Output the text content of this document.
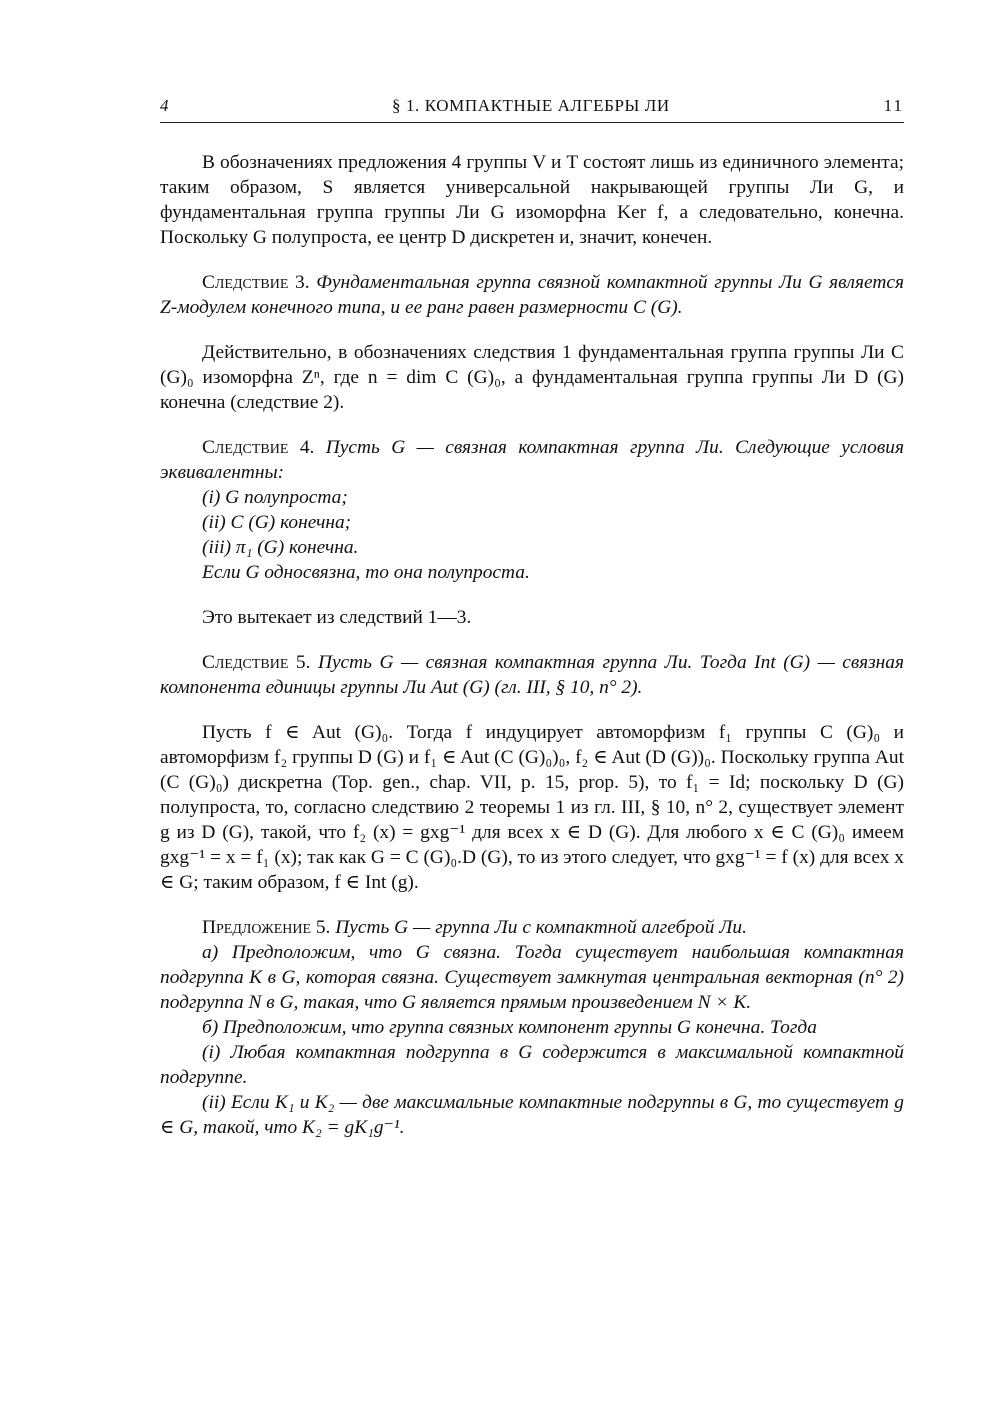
4	§ 1. КОМПАКТНЫЕ АЛГЕБРЫ ЛИ	11

В обозначениях предложения 4 группы V и T состоят лишь из единичного элемента; таким образом, S является универсальной накрывающей группы Ли G, и фундаментальная группа группы Ли G изоморфна Ker f, а следовательно, конечна. Поскольку G полупроста, ее центр D дискретен и, значит, конечен.

Следствие 3. Фундаментальная группа связной компактной группы Ли G является Z-модулем конечного типа, и ее ранг равен размерности C (G).

Действительно, в обозначениях следствия 1 фундаментальная группа группы Ли C (G)₀ изоморфна Zⁿ, где n = dim C (G)₀, а фундаментальная группа группы Ли D (G) конечна (следствие 2).

Следствие 4. Пусть G — связная компактная группа Ли. Следующие условия эквивалентны:

(i) G полупроста;

(ii) C (G) конечна;

(iii) π₁ (G) конечна.

Если G односвязна, то она полупроста.

Это вытекает из следствий 1—3.

Следствие 5. Пусть G — связная компактная группа Ли. Тогда Int (G) — связная компонента единицы группы Ли Aut (G) (гл. III, § 10, n° 2).

Пусть f ∈ Aut (G)₀. Тогда f индуцирует автоморфизм f₁ группы C (G)₀ и автоморфизм f₂ группы D (G) и f₁ ∈ Aut (C (G)₀)₀, f₂ ∈ Aut (D (G))₀. Поскольку группа Aut (C (G)₀) дискретна (Top. gen., chap. VII, p. 15, prop. 5), то f₁ = Id; поскольку D (G) полупроста, то, согласно следствию 2 теоремы 1 из гл. III, § 10, n° 2, существует элемент g из D (G), такой, что f₂ (x) = gxg⁻¹ для всех x ∈ D (G). Для любого x ∈ C (G)₀ имеем gxg⁻¹ = x = f₁ (x); так как G = C (G)₀.D (G), то из этого следует, что gxg⁻¹ = f (x) для всех x ∈ G; таким образом, f ∈ Int (g).

Предложение 5. Пусть G — группа Ли с компактной алгеброй Ли.

а) Предположим, что G связна. Тогда существует наибольшая компактная подгруппа K в G, которая связна. Существует замкнутая центральная векторная (n° 2) подгруппа N в G, такая, что G является прямым произведением N × K.

б) Предположим, что группа связных компонент группы G конечна. Тогда

(i) Любая компактная подгруппа в G содержится в максимальной компактной подгруппе.

(ii) Если K₁ и K₂ — две максимальные компактные подгруппы в G, то существует g ∈ G, такой, что K₂ = gK₁g⁻¹.
